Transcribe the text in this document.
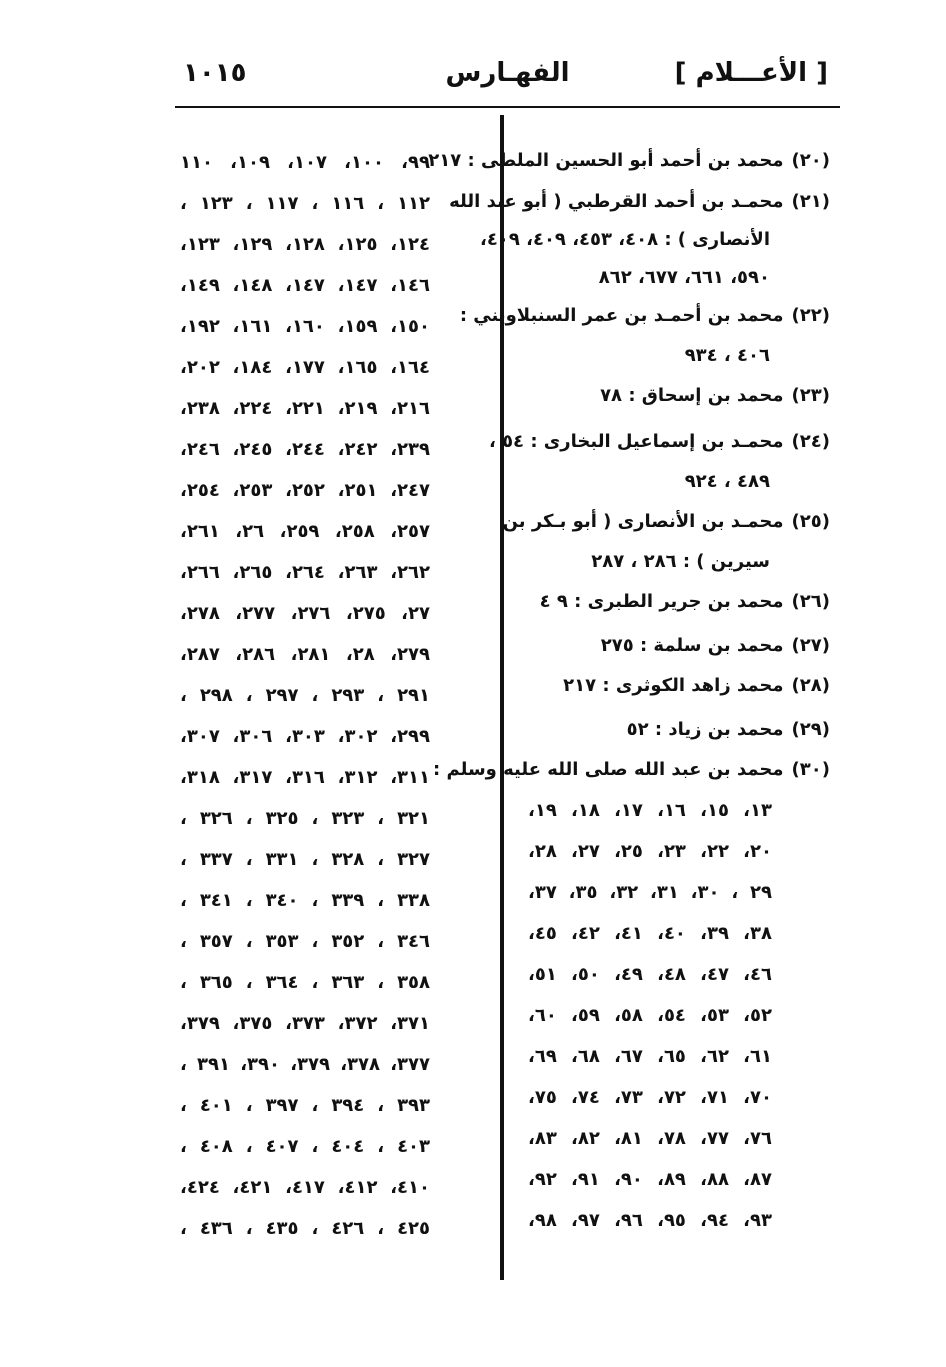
١٠١٥	الفهـارس	[ الأعـــلام ]
٩٩، ١٠٠، ١٠٧، ١٠٩، ١١٠
١١٢ ، ١١٦ ، ١١٧ ، ١٢٣ ،
١٢٤، ١٢٥، ١٢٨، ١٢٩، ١٢٣،
١٤٦، ١٤٧، ١٤٧، ١٤٨، ١٤٩،
١٥٠، ١٥٩، ١٦٠، ١٦١، ١٩٢،
١٦٤، ١٦٥، ١٧٧، ١٨٤، ٢٠٢،
٢١٦، ٢١٩، ٢٢١، ٢٢٤، ٢٣٨،
٢٣٩، ٢٤٢، ٢٤٤، ٢٤٥، ٢٤٦،
٢٤٧، ٢٥١، ٢٥٢، ٢٥٣، ٢٥٤،
٢٥٧، ٢٥٨، ٢٥٩، ٢٦، ٢٦١،
٢٦٢، ٢٦٣، ٢٦٤، ٢٦٥، ٢٦٦،
٢٧، ٢٧٥، ٢٧٦، ٢٧٧، ٢٧٨،
٢٧٩، ٢٨، ٢٨١، ٢٨٦، ٢٨٧،
٢٩١ ، ٢٩٣ ، ٢٩٧ ، ٢٩٨ ،
٢٩٩، ٣٠٢، ٣٠٣، ٣٠٦، ٣٠٧،
٣١١، ٣١٢، ٣١٦، ٣١٧، ٣١٨،
٣٢١ ، ٣٢٣ ، ٣٢٥ ، ٣٢٦ ،
٣٢٧ ، ٣٢٨ ، ٣٣١ ، ٣٣٧ ،
٣٣٨ ، ٣٣٩ ، ٣٤٠ ، ٣٤١ ،
٣٤٦ ، ٣٥٢ ، ٣٥٣ ، ٣٥٧ ،
٣٥٨ ، ٣٦٣ ، ٣٦٤ ، ٣٦٥ ،
٣٧١، ٣٧٢، ٣٧٣، ٣٧٥، ٣٧٩،
٣٧٧، ٣٧٨، ٣٧٩، ٣٩٠، ٣٩١ ،
٣٩٣ ، ٣٩٤ ، ٣٩٧ ، ٤٠١ ،
٤٠٣ ، ٤٠٤ ، ٤٠٧ ، ٤٠٨ ،
٤١٠، ٤١٢، ٤١٧، ٤٢١، ٤٢٤،
٤٢٥ ، ٤٢٦ ، ٤٣٥ ، ٤٣٦ ،
(٢٠)محمد بن أحمد أبو الحسين الملطى : ٢١٧
(٢١)محمـد بن أحمد القرطبي ( أبو عبد الله
الأنصارى ) : ٤٠٨، ٤٥٣، ٤٠٩، ٤٠٩،
٥٩٠، ٦٦١، ٦٧٧، ٨٦٢
(٢٢)محمد بن أحمـد بن عمر السنبلاويني :
٤٠٦ ، ٩٣٤
(٢٣)محمد بن إسحاق : ٧٨
(٢٤)محمـد بن إسماعيل البخارى : ٥٤ ،
٤٨٩ ، ٩٢٤
(٢٥)محمـد بن الأنصارى ( أبو بـكر بن
سيرين ) : ٢٨٦ ، ٢٨٧
(٢٦)محمد بن جرير الطبرى : ٩ ٤
(٢٧)محمد بن سلمة : ٢٧٥
(٢٨)محمد زاهد الكوثرى : ٢١٧
(٢٩)محمد بن زياد : ٥٢
(٣٠)محمد بن عبد الله صلى الله عليه وسلم :
١٣، ١٥، ١٦، ١٧، ١٨، ١٩،
٢٠، ٢٢، ٢٣، ٢٥، ٢٧، ٢٨،
٢٩ ، ٣٠، ٣١، ٣٢، ٣٥، ٣٧،
٣٨، ٣٩، ٤٠، ٤١، ٤٢، ٤٥،
٤٦، ٤٧، ٤٨، ٤٩، ٥٠، ٥١،
٥٢، ٥٣، ٥٤، ٥٨، ٥٩، ٦٠،
٦١، ٦٢، ٦٥، ٦٧، ٦٨، ٦٩،
٧٠، ٧١، ٧٢، ٧٣، ٧٤، ٧٥،
٧٦، ٧٧، ٧٨، ٨١، ٨٢، ٨٣،
٨٧، ٨٨، ٨٩، ٩٠، ٩١، ٩٢،
٩٣، ٩٤، ٩٥، ٩٦، ٩٧، ٩٨،
